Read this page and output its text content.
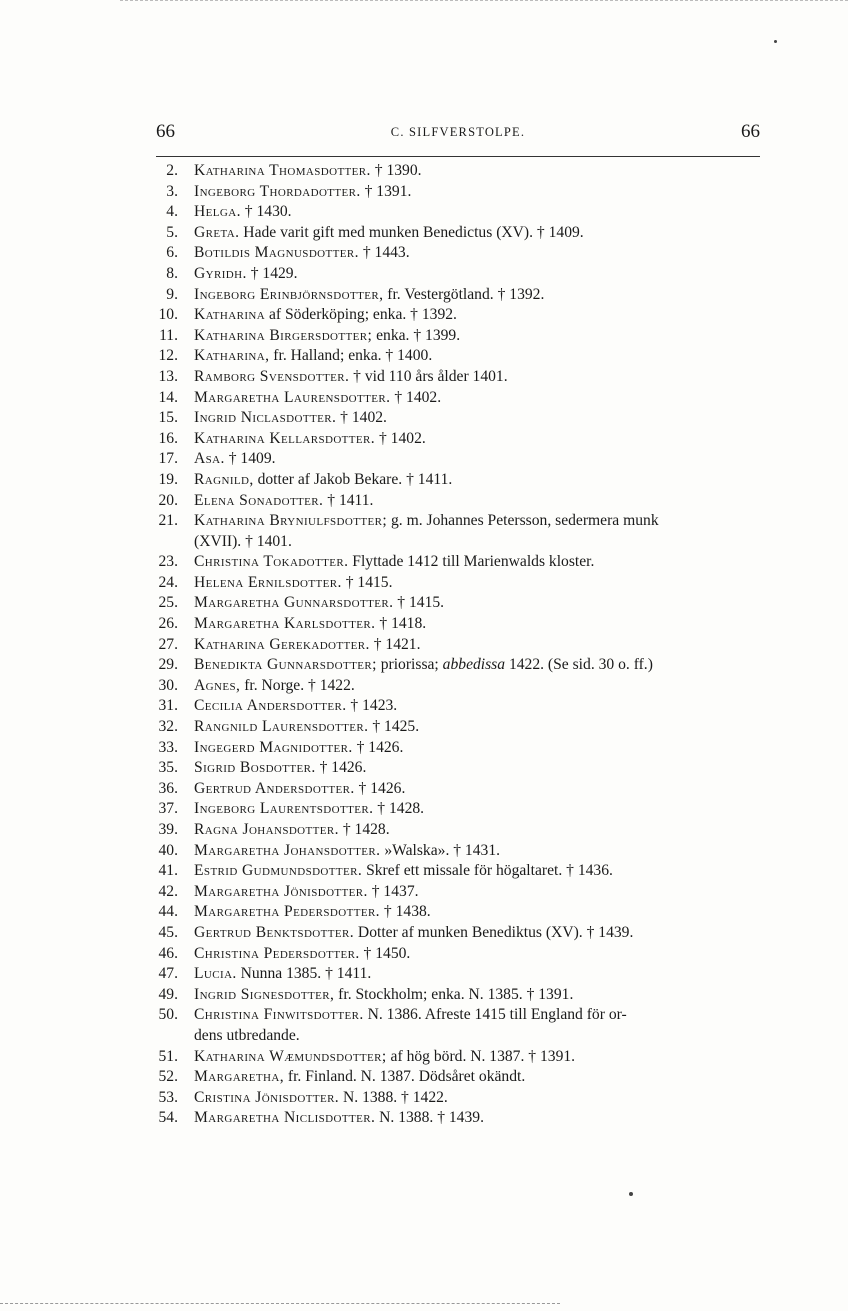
66	C. SILFVERSTOLPE.	66
2. Katharina Thomasdotter. † 1390.
3. Ingeborg Thordadotter. † 1391.
4. Helga. † 1430.
5. Greta. Hade varit gift med munken Benedictus (XV). † 1409.
6. Botildis Magnusdotter. † 1443.
8. Gyridh. † 1429.
9. Ingeborg Erinbjörnsdotter, fr. Vestergötland. † 1392.
10. Katharina af Söderköping; enka. † 1392.
11. Katharina Birgersdotter; enka. † 1399.
12. Katharina, fr. Halland; enka. † 1400.
13. Ramborg Svensdotter. † vid 110 års ålder 1401.
14. Margaretha Laurensdotter. † 1402.
15. Ingrid Niclasdotter. † 1402.
16. Katharina Kellarsdotter. † 1402.
17. Asa. † 1409.
19. Ragnild, dotter af Jakob Bekare. † 1411.
20. Elena Sonadotter. † 1411.
21. Katharina Bryniulfsdotter; g. m. Johannes Petersson, sedermera munk
(XVII). † 1401.
23. Christina Tokadotter. Flyttade 1412 till Marienwalds kloster.
24. Helena Ernilsdotter. † 1415.
25. Margaretha Gunnarsdotter. † 1415.
26. Margaretha Karlsdotter. † 1418.
27. Katharina Gerekadotter. † 1421.
29. Benedikta Gunnarsdotter; priorissa; abbedissa 1422. (Se sid. 30 o. ff.)
30. Agnes, fr. Norge. † 1422.
31. Cecilia Andersdotter. † 1423.
32. Rangnild Laurensdotter. † 1425.
33. Ingegerd Magnidotter. † 1426.
35. Sigrid Bosdotter. † 1426.
36. Gertrud Andersdotter. † 1426.
37. Ingeborg Laurentsdotter. † 1428.
39. Ragna Johansdotter. † 1428.
40. Margaretha Johansdotter. »Walska». † 1431.
41. Estrid Gudmundsdotter. Skref ett missale för högaltaret. † 1436.
42. Margaretha Jönisdotter. † 1437.
44. Margaretha Pedersdotter. † 1438.
45. Gertrud Benktsdotter. Dotter af munken Benediktus (XV). † 1439.
46. Christina Pedersdotter. † 1450.
47. Lucia. Nunna 1385. † 1411.
49. Ingrid Signesdotter, fr. Stockholm; enka. N. 1385. † 1391.
50. Christina Finwitsdotter. N. 1386. Afreste 1415 till England för or-
dens utbredande.
51. Katharina Wæmundsdotter; af hög börd. N. 1387. † 1391.
52. Margaretha, fr. Finland. N. 1387. Dödsåret okändt.
53. Cristina Jönisdotter. N. 1388. † 1422.
54. Margaretha Niclisdotter. N. 1388. † 1439.
